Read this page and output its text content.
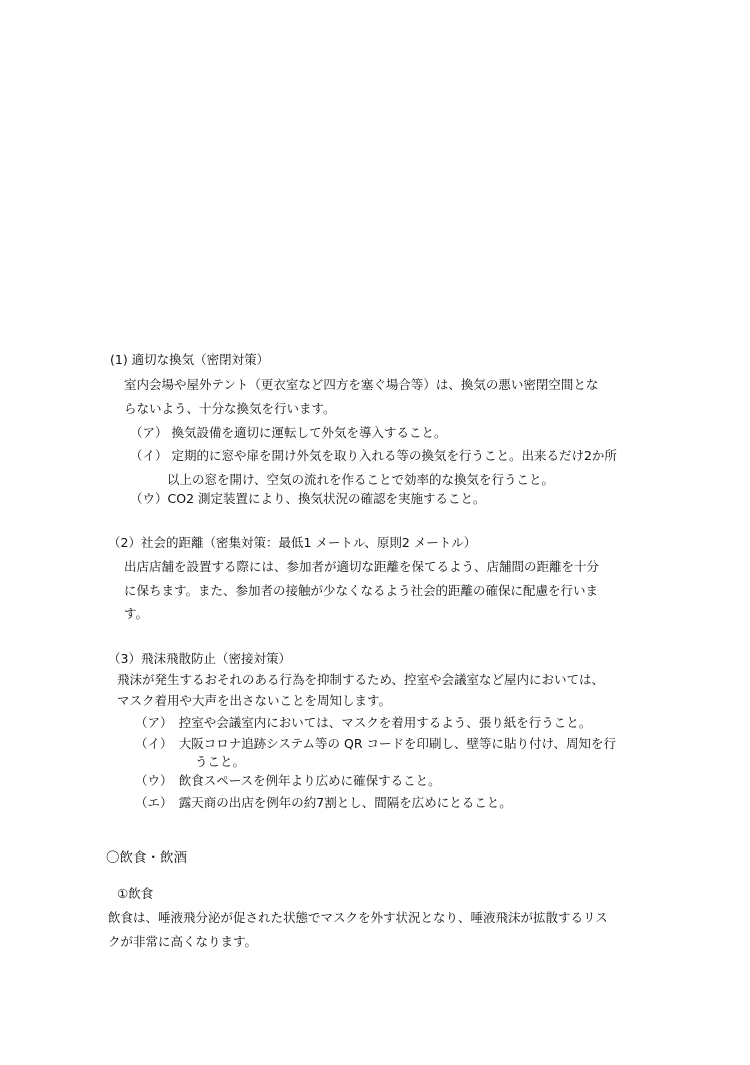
(1) 適切な換気（密閉対策）
室内会場や屋外テント（更衣室など四方を塞ぐ場合等）は、換気の悪い密閉空間とな
らないよう、十分な換気を行います。
（ア） 換気設備を適切に運転して外気を導入すること。
（イ） 定期的に窓や扉を開け外気を取り入れる等の換気を行うこと。出来るだけ2か所
以上の窓を開け、空気の流れを作ることで効率的な換気を行うこと。
（ウ）CO2 測定装置により、換気状況の確認を実施すること。
（2）社会的距離（密集対策：最低1 メートル、原則2 メートル）
出店店舗を設置する際には、参加者が適切な距離を保てるよう、店舗間の距離を十分
に保ちます。また、参加者の接触が少なくなるよう社会的距離の確保に配慮を行いま
す。
（3）飛沫飛散防止（密接対策）
飛沫が発生するおそれのある行為を抑制するため、控室や会議室など屋内においては、
マスク着用や大声を出さないことを周知します。
（ア）　控室や会議室内においては、マスクを着用するよう、張り紙を行うこと。
（イ）　大阪コロナ追跡システム等の QR コードを印刷し、壁等に貼り付け、周知を行
うこと。
（ウ）　飲食スペースを例年より広めに確保すること。
（エ）　露天商の出店を例年の約7割とし、間隔を広めにとること。
〇飲食・飲酒
①飲食
飲食は、唾液飛分泌が促された状態でマスクを外す状況となり、唾液飛沫が拡散するリス
クが非常に高くなります。
